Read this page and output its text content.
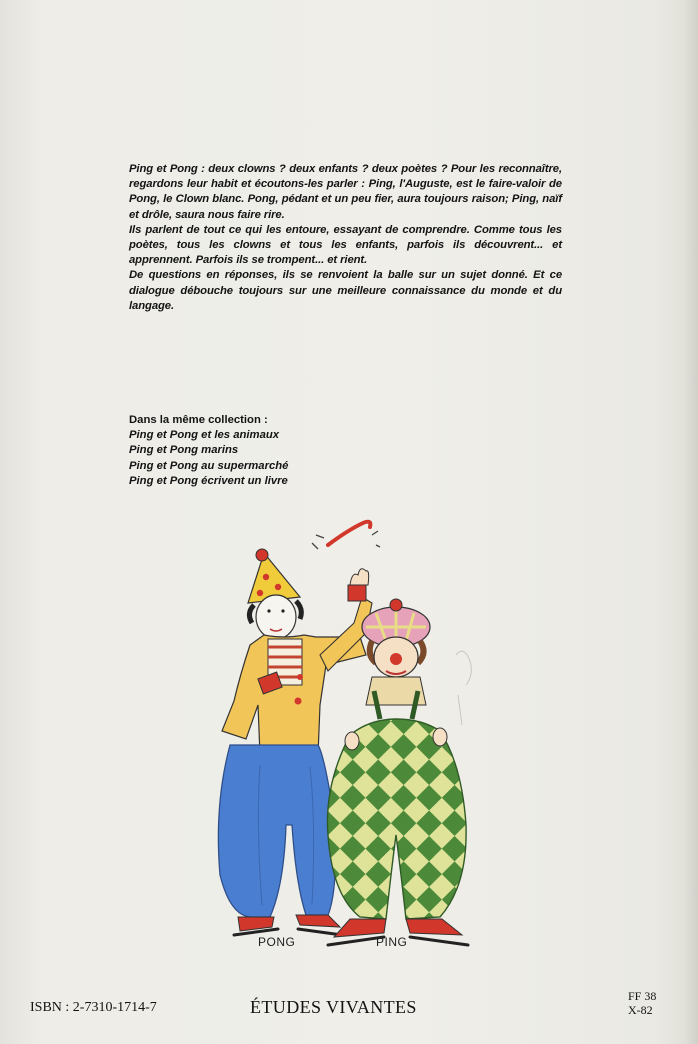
Ping et Pong : deux clowns ? deux enfants ? deux poètes ? Pour les reconnaître, regardons leur habit et écoutons-les parler : Ping, l'Auguste, est le faire-valoir de Pong, le Clown blanc. Pong, pédant et un peu fier, aura toujours raison; Ping, naïf et drôle, saura nous faire rire.

Ils parlent de tout ce qui les entoure, essayant de comprendre. Comme tous les poètes, tous les clowns et tous les enfants, parfois ils découvrent... et apprennent. Parfois ils se trompent... et rient.

De questions en réponses, ils se renvoient la balle sur un sujet donné. Et ce dialogue débouche toujours sur une meilleure connaissance du monde et du langage.

Dans la même collection :
Ping et Pong et les animaux
Ping et Pong marins
Ping et Pong au supermarché
Ping et Pong écrivent un livre
PONG	PING
ISBN : 2-7310-1714-7	ÉTUDES VIVANTES
FF 38
X-82
